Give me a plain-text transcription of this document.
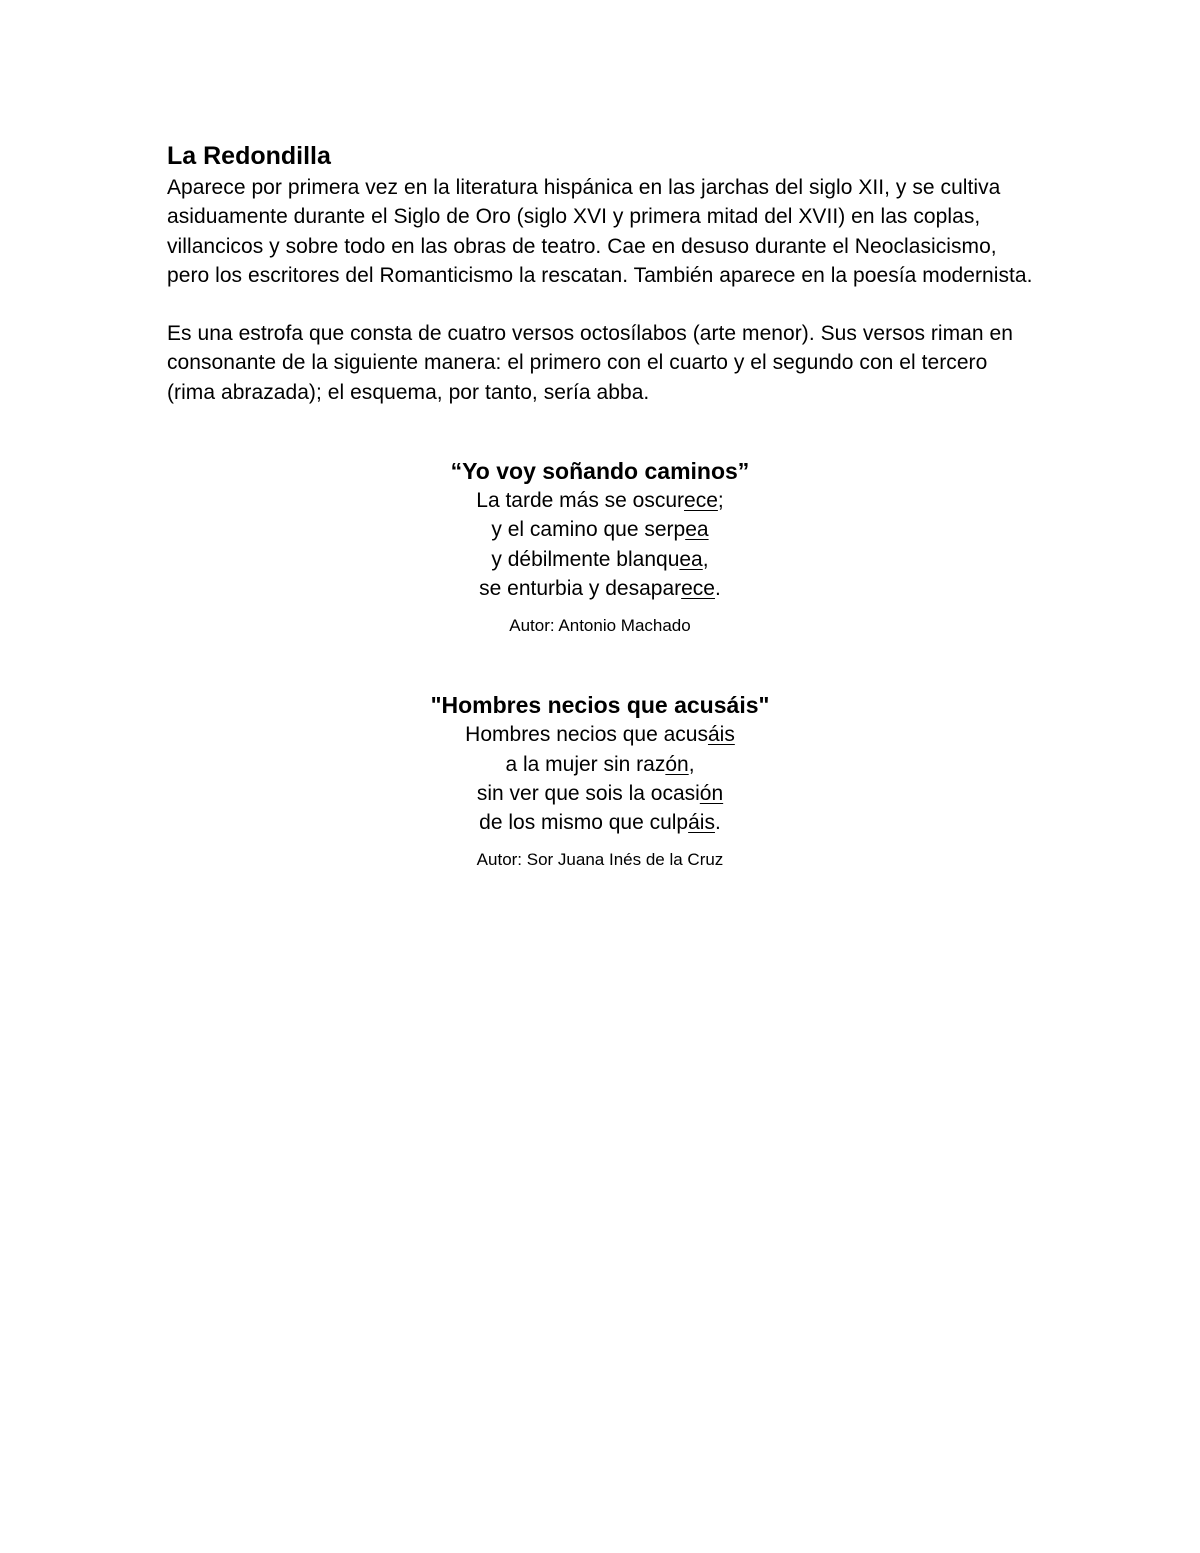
La Redondilla

Aparece por primera vez en la literatura hispánica en las jarchas del siglo XII, y se cultiva asiduamente durante el Siglo de Oro (siglo XVI y primera mitad del XVII) en las coplas, villancicos y sobre todo en las obras de teatro. Cae en desuso durante el Neoclasicismo, pero los escritores del Romanticismo la rescatan. También aparece en la poesía modernista.

Es una estrofa que consta de cuatro versos octosílabos (arte menor). Sus versos riman en consonante de la siguiente manera: el primero con el cuarto y el segundo con el tercero (rima abrazada); el esquema, por tanto, sería abba.

“Yo voy soñando caminos”

La tarde más se oscurece;

y el camino que serpea

y débilmente blanquea,

se enturbia y desaparece.

Autor: Antonio Machado

"Hombres necios que acusáis"

Hombres necios que acusáis

a la mujer sin razón,

sin ver que sois la ocasión

de los mismo que culpáis.

Autor: Sor Juana Inés de la Cruz
